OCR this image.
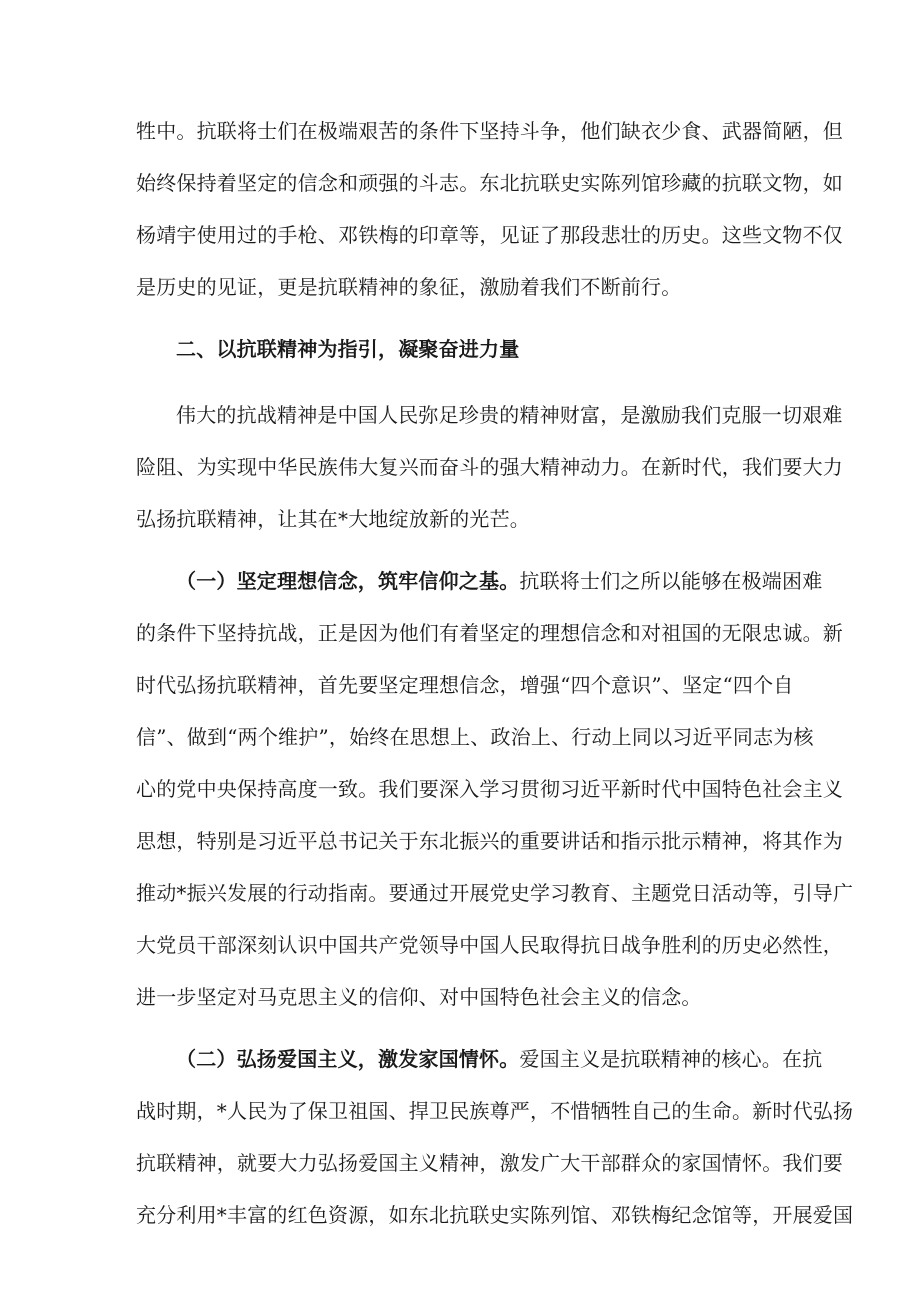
牲中。抗联将士们在极端艰苦的条件下坚持斗争，他们缺衣少食、武器简陋，但
始终保持着坚定的信念和顽强的斗志。东北抗联史实陈列馆珍藏的抗联文物，如
杨靖宇使用过的手枪、邓铁梅的印章等，见证了那段悲壮的历史。这些文物不仅
是历史的见证，更是抗联精神的象征，激励着我们不断前行。
二、以抗联精神为指引，凝聚奋进力量
伟大的抗战精神是中国人民弥足珍贵的精神财富，是激励我们克服一切艰难
险阻、为实现中华民族伟大复兴而奋斗的强大精神动力。在新时代，我们要大力
弘扬抗联精神，让其在*大地绽放新的光芒。
（一）坚定理想信念，筑牢信仰之基。抗联将士们之所以能够在极端困难
的条件下坚持抗战，正是因为他们有着坚定的理想信念和对祖国的无限忠诚。新
时代弘扬抗联精神，首先要坚定理想信念，增强“四个意识”、坚定“四个自
信”、做到“两个维护”，始终在思想上、政治上、行动上同以习近平同志为核
心的党中央保持高度一致。我们要深入学习贯彻习近平新时代中国特色社会主义
思想，特别是习近平总书记关于东北振兴的重要讲话和指示批示精神，将其作为
推动*振兴发展的行动指南。要通过开展党史学习教育、主题党日活动等，引导广
大党员干部深刻认识中国共产党领导中国人民取得抗日战争胜利的历史必然性，
进一步坚定对马克思主义的信仰、对中国特色社会主义的信念。
（二）弘扬爱国主义，激发家国情怀。爱国主义是抗联精神的核心。在抗
战时期，*人民为了保卫祖国、捍卫民族尊严，不惜牺牲自己的生命。新时代弘扬
抗联精神，就要大力弘扬爱国主义精神，激发广大干部群众的家国情怀。我们要
充分利用*丰富的红色资源，如东北抗联史实陈列馆、邓铁梅纪念馆等，开展爱国
